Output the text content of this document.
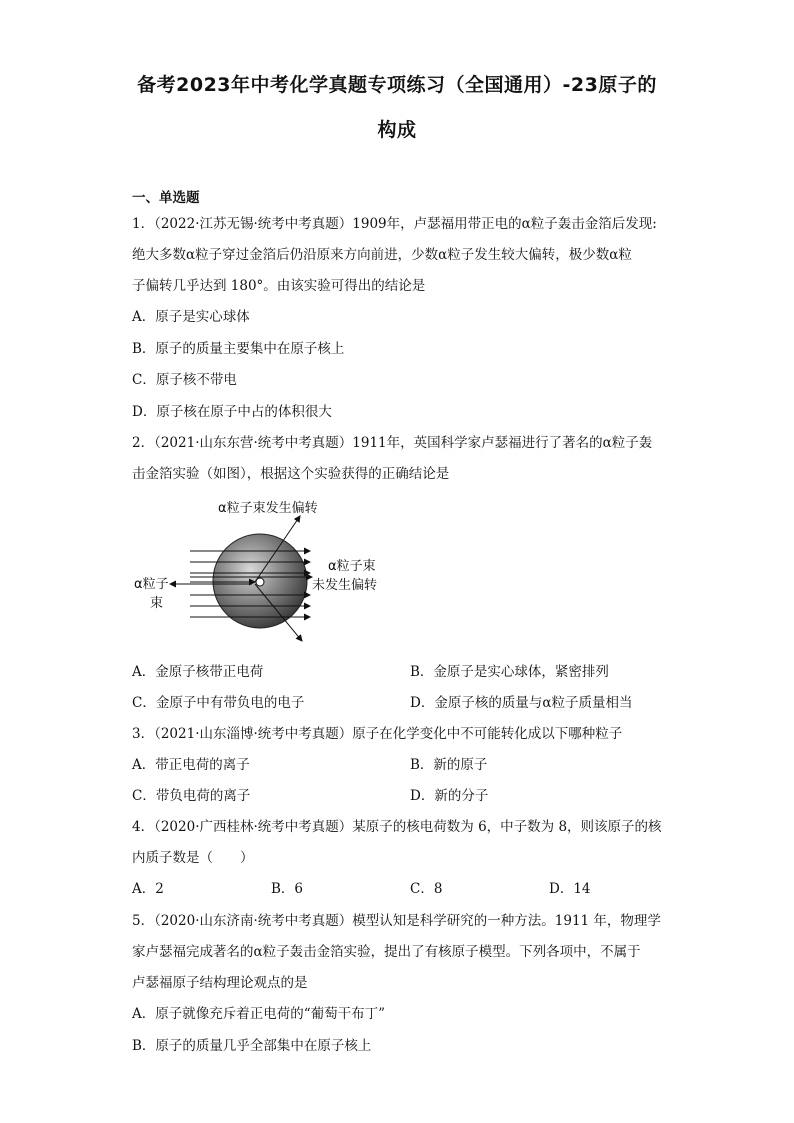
备考2023年中考化学真题专项练习（全国通用）-23原子的
构成
一、单选题
1．（2022·江苏无锡·统考中考真题）1909年，卢瑟福用带正电的α粒子轰击金箔后发现:
绝大多数α粒子穿过金箔后仍沿原来方向前进，少数α粒子发生较大偏转，极少数α粒
子偏转几乎达到 180°。由该实验可得出的结论是
A．原子是实心球体
B．原子的质量主要集中在原子核上
C．原子核不带电
D．原子核在原子中占的体积很大
2．（2021·山东东营·统考中考真题）1911年，英国科学家卢瑟福进行了著名的α粒子轰
击金箔实验（如图），根据这个实验获得的正确结论是
α粒子束发生偏转
α粒子束
未发生偏转
α粒子
束
A．金原子核带正电荷	B．金原子是实心球体，紧密排列
C．金原子中有带负电的电子	D．金原子核的质量与α粒子质量相当
3．（2021·山东淄博·统考中考真题）原子在化学变化中不可能转化成以下哪种粒子
A．带正电荷的离子	B．新的原子
C．带负电荷的离子	D．新的分子
4．（2020·广西桂林·统考中考真题）某原子的核电荷数为 6，中子数为 8，则该原子的核
内质子数是（　　）
A．2	B．6	C．8	D．14
5．（2020·山东济南·统考中考真题）模型认知是科学研究的一种方法。1911 年，物理学
家卢瑟福完成著名的α粒子轰击金箔实验，提出了有核原子模型。下列各项中，不属于
卢瑟福原子结构理论观点的是
A．原子就像充斥着正电荷的“葡萄干布丁”
B．原子的质量几乎全部集中在原子核上
